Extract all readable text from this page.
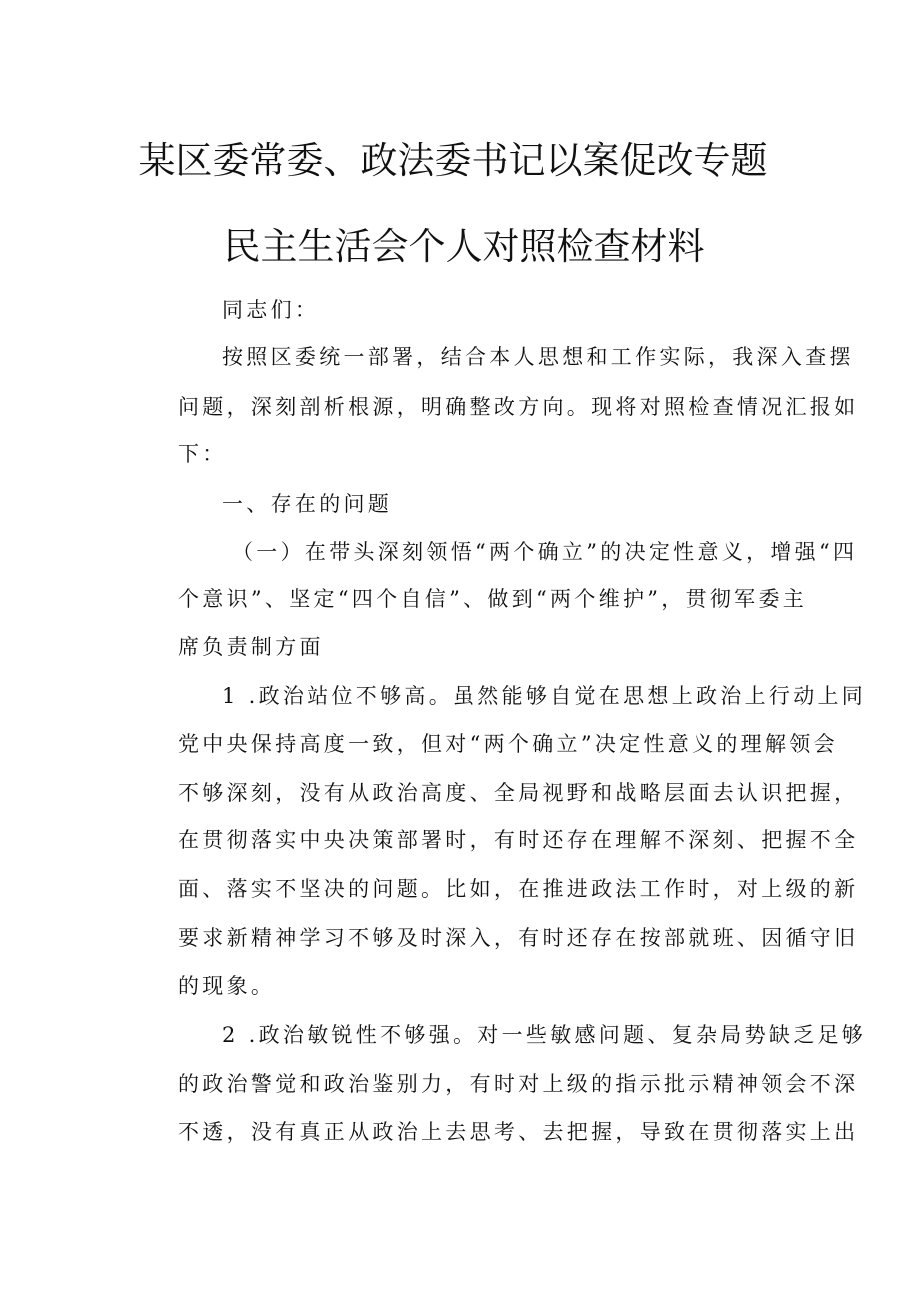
某区委常委、政法委书记以案促改专题
民主生活会个人对照检查材料

同志们：

按照区委统一部署，结合本人思想和工作实际，我深入查摆

问题，深刻剖析根源，明确整改方向。现将对照检查情况汇报如

下：

一、存在的问题

（一）在带头深刻领悟“两个确立”的决定性意义，增强“四

个意识”、坚定“四个自信”、做到“两个维护”，贯彻军委主

席负责制方面

1 .政治站位不够高。虽然能够自觉在思想上政治上行动上同

党中央保持高度一致，但对“两个确立”决定性意义的理解领会

不够深刻，没有从政治高度、全局视野和战略层面去认识把握，

在贯彻落实中央决策部署时，有时还存在理解不深刻、把握不全

面、落实不坚决的问题。比如，在推进政法工作时，对上级的新

要求新精神学习不够及时深入，有时还存在按部就班、因循守旧

的现象。

2 .政治敏锐性不够强。对一些敏感问题、复杂局势缺乏足够

的政治警觉和政治鉴别力，有时对上级的指示批示精神领会不深

不透，没有真正从政治上去思考、去把握，导致在贯彻落实上出
